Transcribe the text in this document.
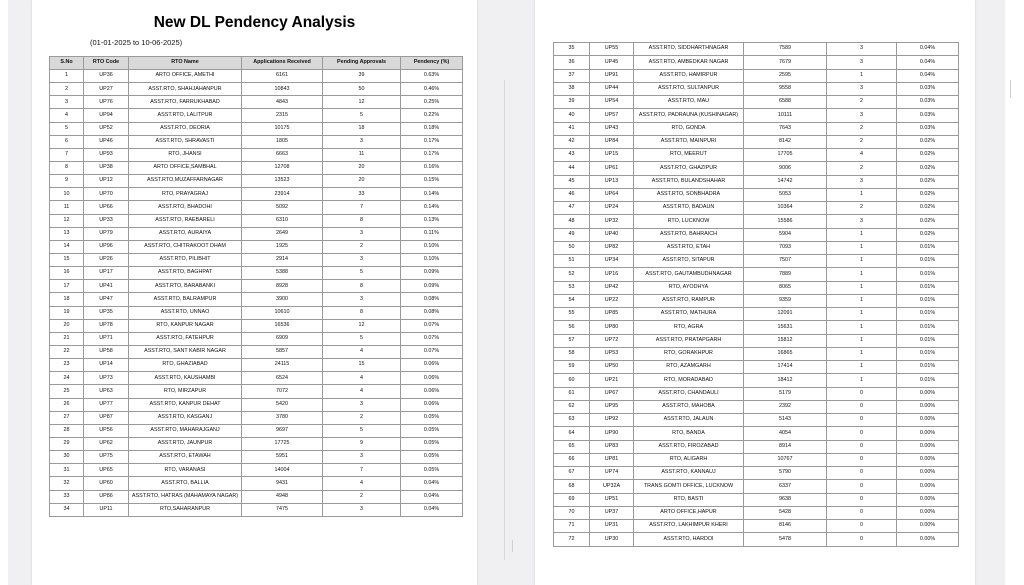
New DL Pendency Analysis
(01-01-2025 to 10-06-2025)
S.No	RTO Code	RTO Name	Applications Received	Pending Approvals	Pendency (%)
1	UP36	ARTO OFFICE, AMETHI	6161	39	0.63%
2	UP27	ASST.RTO, SHAHJAHANPUR	10843	50	0.46%
3	UP76	ASST.RTO, FARRUKHABAD	4843	12	0.25%
4	UP94	ASST.RTO, LALITPUR	2315	5	0.22%
5	UP52	ASST.RTO, DEORIA	10175	18	0.18%
6	UP46	ASST.RTO, SHRAVASTI	1805	3	0.17%
7	UP93	RTO, JHANSI	6663	11	0.17%
8	UP38	ARTO OFFICE,SAMBHAL	12708	20	0.16%
9	UP12	ASST.RTO,MUZAFFARNAGAR	13523	20	0.15%
10	UP70	RTO, PRAYAGRAJ	23914	33	0.14%
11	UP66	ASST.RTO, BHADOHI	5092	7	0.14%
12	UP33	ASST.RTO, RAEBARELI	6310	8	0.13%
13	UP79	ASST.RTO, AURAIYA	2649	3	0.11%
14	UP96	ASST.RTO, CHITRAKOOT DHAM	1925	2	0.10%
15	UP26	ASST.RTO, PILIBHIT	2914	3	0.10%
16	UP17	ASST.RTO, BAGHPAT	5388	5	0.09%
17	UP41	ASST.RTO, BARABANKI	8928	8	0.09%
18	UP47	ASST.RTO, BALRAMPUR	3900	3	0.08%
19	UP35	ASST.RTO, UNNAO	10610	8	0.08%
20	UP78	RTO, KANPUR NAGAR	16536	12	0.07%
21	UP71	ASST.RTO, FATEHPUR	6909	5	0.07%
22	UP58	ASST.RTO, SANT KABIR NAGAR	5857	4	0.07%
23	UP14	RTO, GHAZIABAD	24115	15	0.06%
24	UP73	ASST.RTO, KAUSHAMBI	6524	4	0.06%
25	UP63	RTO, MIRZAPUR	7072	4	0.06%
26	UP77	ASST.RTO, KANPUR DEHAT	5420	3	0.06%
27	UP87	ASST.RTO, KASGANJ	3780	2	0.05%
28	UP56	ASST.RTO, MAHARAJGANJ	9697	5	0.05%
29	UP62	ASST.RTO, JAUNPUR	17725	9	0.05%
30	UP75	ASST.RTO, ETAWAH	5951	3	0.05%
31	UP65	RTO, VARANASI	14004	7	0.05%
32	UP60	ASST.RTO, BALLIA	9431	4	0.04%
33	UP86	ASST.RTO, HATRAS (MAHAMAYA NAGAR)	4948	2	0.04%
34	UP11	RTO,SAHARANPUR	7475	3	0.04%
35	UP55	ASST.RTO, SIDDHARTHNAGAR	7589	3	0.04%
36	UP45	ASST.RTO, AMBEDKAR NAGAR	7679	3	0.04%
37	UP91	ASST.RTO, HAMIRPUR	2595	1	0.04%
38	UP44	ASST.RTO, SULTANPUR	9558	3	0.03%
39	UP54	ASST.RTO, MAU	6588	2	0.03%
40	UP57	ASST.RTO, PADRAUNA (KUSHINAGAR)	10111	3	0.03%
41	UP43	RTO, GONDA	7643	2	0.03%
42	UP84	ASST.RTO, MAINPURI	8142	2	0.02%
43	UP15	RTO, MEERUT	17705	4	0.02%
44	UP61	ASST.RTO, GHAZIPUR	9006	2	0.02%
45	UP13	ASST.RTO, BULANDSHAHAR	14742	3	0.02%
46	UP64	ASST.RTO, SONBHADRA	5053	1	0.02%
47	UP24	ASST.RTO, BADAUN	10364	2	0.02%
48	UP32	RTO, LUCKNOW	15586	3	0.02%
49	UP40	ASST.RTO, BAHRAICH	5904	1	0.02%
50	UP82	ASST.RTO, ETAH	7093	1	0.01%
51	UP34	ASST.RTO, SITAPUR	7507	1	0.01%
52	UP16	ASST.RTO, GAUTAMBUDHNAGAR	7889	1	0.01%
53	UP42	RTO, AYODHYA	8065	1	0.01%
54	UP22	ASST.RTO, RAMPUR	9359	1	0.01%
55	UP85	ASST.RTO, MATHURA	12091	1	0.01%
56	UP80	RTO, AGRA	15631	1	0.01%
57	UP72	ASST.RTO, PRATAPGARH	15812	1	0.01%
58	UP53	RTO, GORAKHPUR	16865	1	0.01%
59	UP50	RTO, AZAMGARH	17414	1	0.01%
60	UP21	RTO, MORADABAD	18412	1	0.01%
61	UP67	ASST.RTO, CHANDAULI	5179	0	0.00%
62	UP95	ASST.RTO, MAHOBA	2392	0	0.00%
63	UP92	ASST.RTO, JALAUN	5143	0	0.00%
64	UP90	RTO, BANDA	4054	0	0.00%
65	UP83	ASST.RTO, FIROZABAD	8914	0	0.00%
66	UP81	RTO, ALIGARH	10767	0	0.00%
67	UP74	ASST.RTO, KANNAUJ	5790	0	0.00%
68	UP32A	TRANS GOMTI OFFICE, LUCKNOW	6337	0	0.00%
69	UP51	RTO, BASTI	9638	0	0.00%
70	UP37	ARTO OFFICE,HAPUR	5428	0	0.00%
71	UP31	ASST.RTO, LAKHIMPUR KHERI	8146	0	0.00%
72	UP30	ASST.RTO, HARDOI	5478	0	0.00%
